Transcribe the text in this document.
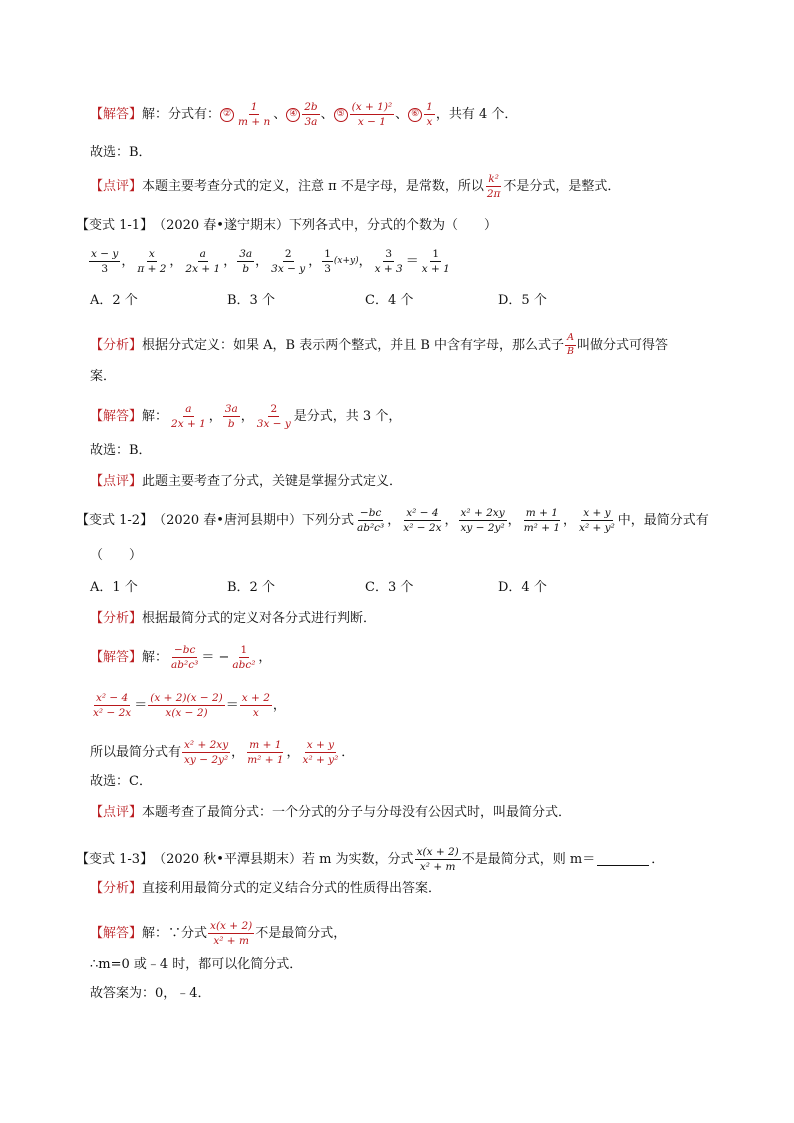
【解答】 解：分式有： ② $\frac{1}{m + n}$ 、 ④ $\frac{2b}{3a}$ 、 ⑤ $\frac{\text{(x + 1)²}}{x - 1}$ 、 ⑥ $\frac{1}{x}$ ，共有 4 个．
故选：B．
【点评】 本题主要考查分式的定义，注意 π 不是字母，是常数，所以 $\frac{\text{k²}}{2\pi}$ 不是分式，是整式．
【变式 1-1】 （2020 春•遂宁期末） 下列各式中，分式的个数为（　　）
$\frac{x - y}{3}$ ， $\frac{x}{\pi + 2}$ ， $\frac{a}{2x + 1}$ ， $\frac{3a}{b}$ ， $\frac{2}{3x - y}$ ， $\frac{1}{3} (x+y)$ ， $\frac{3}{x + 3} = \frac{1}{x + 1}$
A．2 个	B．3 个	C．4 个	D．5 个
【分析】 根据分式定义：如果 A，B 表示两个整式，并且 B 中含有字母，那么式子 $\frac{A}{B}$ 叫做分式可得答
案．
【解答】 解： $\frac{a}{2x + 1}$ ， $\frac{3a}{b}$ ， $\frac{2}{3x - y}$ 是分式，共 3 个，
故选：B．
【点评】 此题主要考查了分式，关键是掌握分式定义．
【变式 1-2】 （2020 春•唐河县期中） 下列分式 $\frac{-bc}{\text{ab²c³}}$ ， $\frac{\text{x² − 4}}{\text{x² − 2x}}$ ， $\frac{\text{x² + 2xy}}{\text{xy − 2y²}}$ ， $\frac{m + 1}{\text{m² + 1}}$ ， $\frac{x + y}{\text{x² + y²}}$ 中，最简分式有
（　　）
A．1 个	B．2 个	C．3 个	D．4 个
【分析】 根据最简分式的定义对各分式进行判断．
【解答】 解： $\frac{-bc}{\text{ab²c³}}$ ＝ − $\frac{1}{\text{abc²}}$ ，
$\frac{\text{x² − 4}}{\text{x² − 2x}} = \frac{(x + 2)(x - 2)}{x(x - 2)} = \frac{x + 2}{x}$ ，
所以最简分式有 $\frac{\text{x² + 2xy}}{\text{xy − 2y²}}$ ， $\frac{m + 1}{\text{m² + 1}}$ ， $\frac{x + y}{\text{x² + y²}}$ ．
故选：C．
【点评】 本题考查了最简分式：一个分式的分子与分母没有公因式时，叫最简分式．
【变式 1-3】 （2020 秋•平潭县期末） 若 m 为实数，分式 $\frac{x(x + 2)}{\text{x² + m}}$ 不是最简分式，则 m＝	．
【分析】 直接利用最简分式的定义结合分式的性质得出答案．
【解答】 解：∵分式 $\frac{x(x + 2)}{\text{x² + m}}$ 不是最简分式，
∴m=0 或﹣4 时，都可以化简分式．
故答案为：0，﹣4．
